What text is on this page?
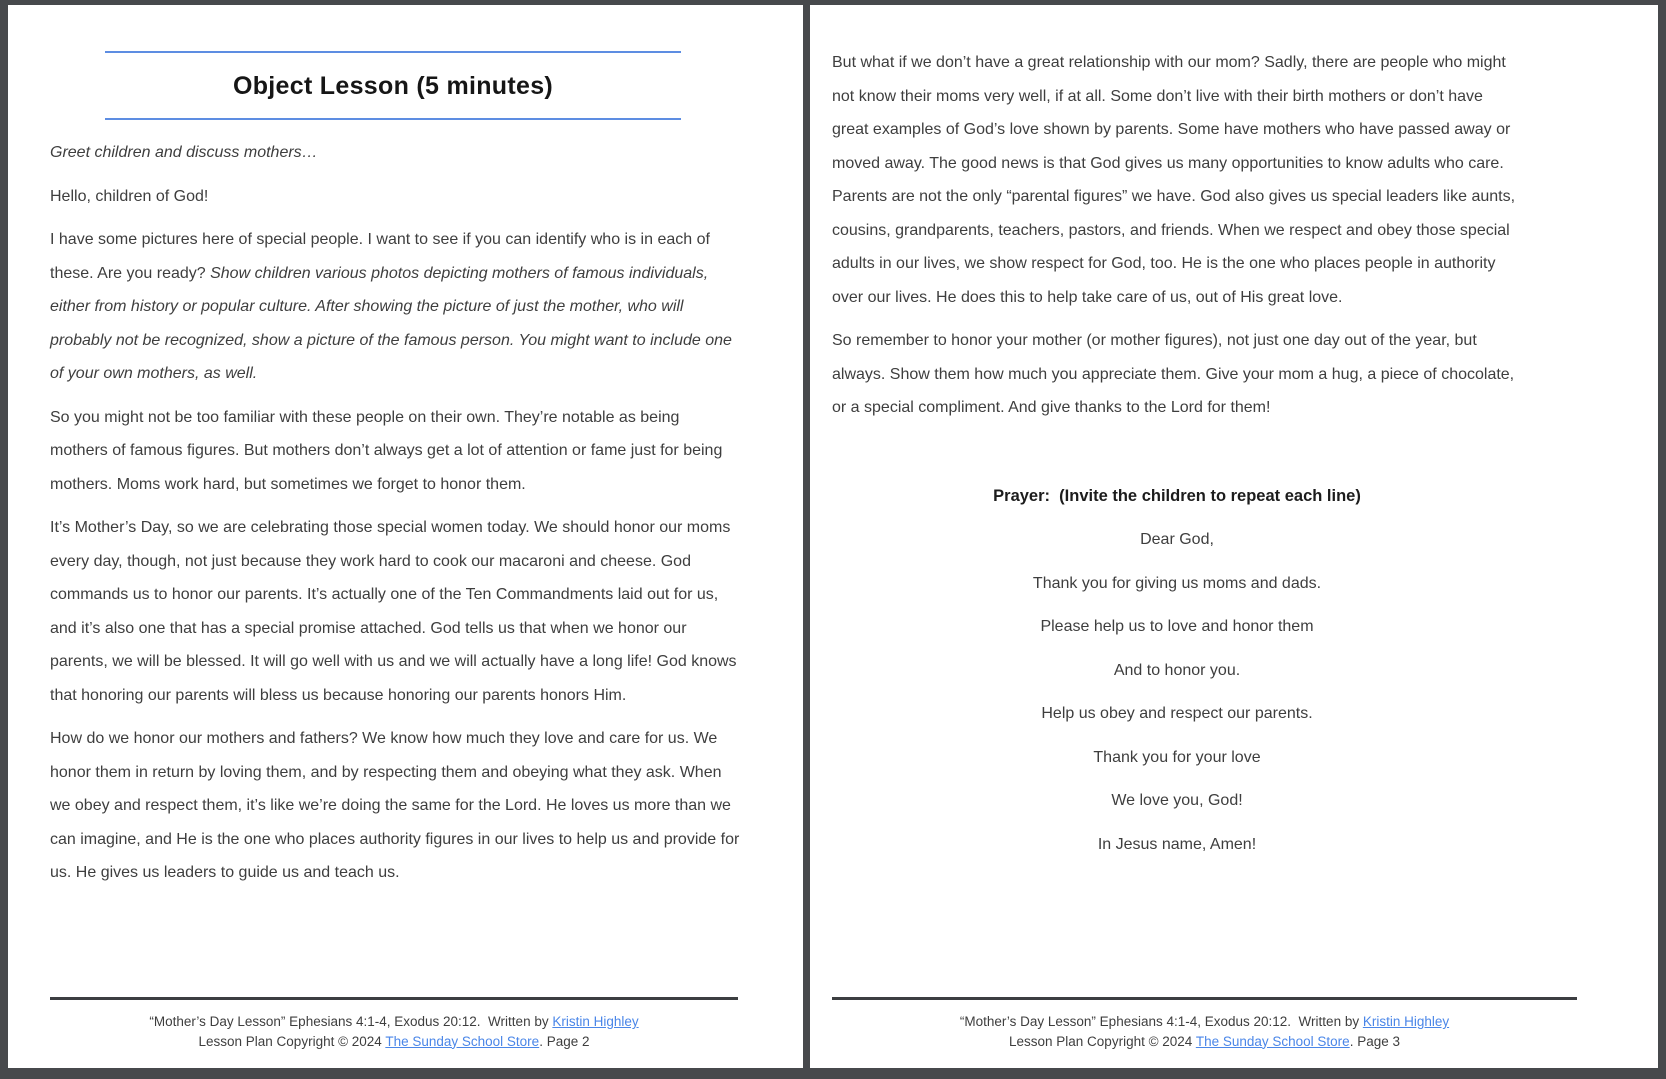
Object Lesson (5 minutes)

Greet children and discuss mothers…

Hello, children of God!

I have some pictures here of special people. I want to see if you can identify who is in each of these. Are you ready? Show children various photos depicting mothers of famous individuals, either from history or popular culture. After showing the picture of just the mother, who will probably not be recognized, show a picture of the famous person. You might want to include one of your own mothers, as well.

So you might not be too familiar with these people on their own. They’re notable as being mothers of famous figures. But mothers don’t always get a lot of attention or fame just for being mothers. Moms work hard, but sometimes we forget to honor them.

It’s Mother’s Day, so we are celebrating those special women today. We should honor our moms every day, though, not just because they work hard to cook our macaroni and cheese. God commands us to honor our parents. It’s actually one of the Ten Commandments laid out for us, and it’s also one that has a special promise attached. God tells us that when we honor our parents, we will be blessed. It will go well with us and we will actually have a long life! God knows that honoring our parents will bless us because honoring our parents honors Him.

How do we honor our mothers and fathers? We know how much they love and care for us. We honor them in return by loving them, and by respecting them and obeying what they ask. When we obey and respect them, it’s like we’re doing the same for the Lord. He loves us more than we can imagine, and He is the one who places authority figures in our lives to help us and provide for us. He gives us leaders to guide us and teach us.

“Mother’s Day Lesson” Ephesians 4:1-4, Exodus 20:12.  Written by Kristin Highley
Lesson Plan Copyright © 2024 The Sunday School Store. Page 2

But what if we don’t have a great relationship with our mom? Sadly, there are people who might not know their moms very well, if at all. Some don’t live with their birth mothers or don’t have great examples of God’s love shown by parents. Some have mothers who have passed away or moved away. The good news is that God gives us many opportunities to know adults who care. Parents are not the only “parental figures” we have. God also gives us special leaders like aunts, cousins, grandparents, teachers, pastors, and friends. When we respect and obey those special adults in our lives, we show respect for God, too. He is the one who places people in authority over our lives. He does this to help take care of us, out of His great love.

So remember to honor your mother (or mother figures), not just one day out of the year, but always. Show them how much you appreciate them. Give your mom a hug, a piece of chocolate, or a special compliment. And give thanks to the Lord for them!

Prayer:  (Invite the children to repeat each line)
Dear God,
Thank you for giving us moms and dads.
Please help us to love and honor them
And to honor you.
Help us obey and respect our parents.
Thank you for your love
We love you, God!
In Jesus name, Amen!
“Mother’s Day Lesson” Ephesians 4:1-4, Exodus 20:12.  Written by Kristin Highley
Lesson Plan Copyright © 2024 The Sunday School Store. Page 3
